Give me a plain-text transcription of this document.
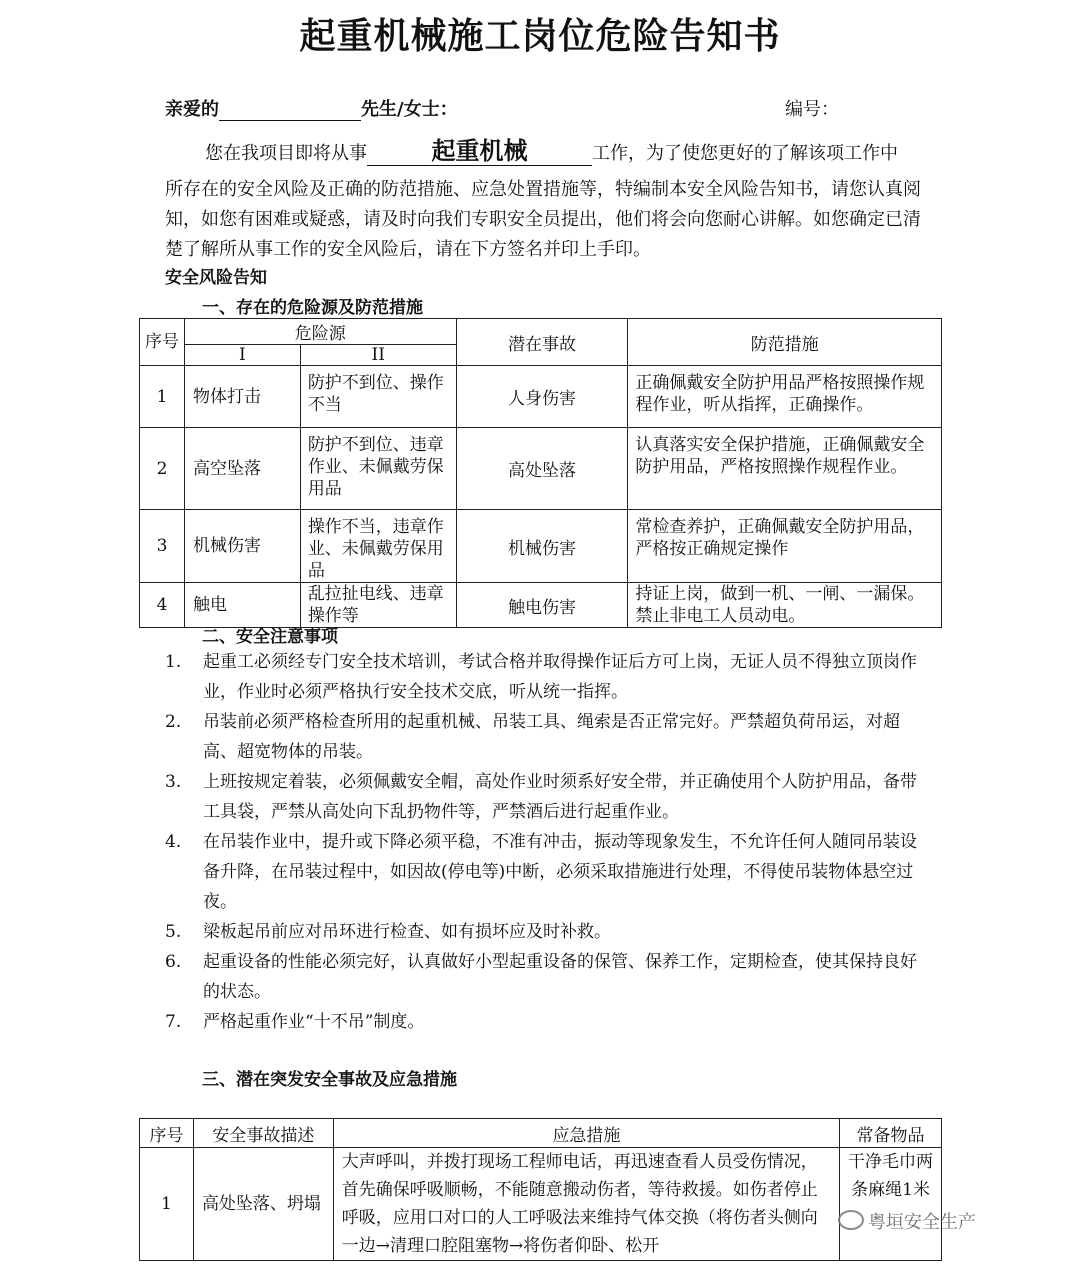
起重机械施工岗位危险告知书
亲爱的	先生/女士：	编号：
您在我项目即将从事	起重机械	工作，为了使您更好的了解该项工作中
所存在的安全风险及正确的防范措施、应急处置措施等，特编制本安全风险告知书，请您认真阅知，如您有困难或疑惑，请及时向我们专职安全员提出，他们将会向您耐心讲解。如您确定已清楚了解所从事工作的安全风险后，请在下方签名并印上手印。
安全风险告知
一、存在的危险源及防范措施
序号	危险源		潜在事故	防范措施
	I	II		
1	物体打击	防护不到位、操作不当	人身伤害	正确佩戴安全防护用品严格按照操作规程作业，听从指挥，正确操作。
2	高空坠落	防护不到位、违章作业、未佩戴劳保用品	高处坠落	认真落实安全保护措施，正确佩戴安全防护用品，严格按照操作规程作业。
3	机械伤害	操作不当，违章作业、未佩戴劳保用品	机械伤害	常检查养护，正确佩戴安全防护用品，严格按正确规定操作
4	触电	乱拉扯电线、违章操作等	触电伤害	持证上岗，做到一机、一闸、一漏保。禁止非电工人员动电。
二、安全注意事项
1. 起重工必须经专门安全技术培训，考试合格并取得操作证后方可上岗，无证人员不得独立顶岗作业，作业时必须严格执行安全技术交底，听从统一指挥。
2. 吊装前必须严格检查所用的起重机械、吊装工具、绳索是否正常完好。严禁超负荷吊运，对超高、超宽物体的吊装。
3. 上班按规定着装，必须佩戴安全帽，高处作业时须系好安全带，并正确使用个人防护用品，备带工具袋，严禁从高处向下乱扔物件等，严禁酒后进行起重作业。
4. 在吊装作业中，提升或下降必须平稳，不准有冲击，振动等现象发生，不允许任何人随同吊装设备升降，在吊装过程中，如因故(停电等)中断，必须采取措施进行处理，不得使吊装物体悬空过夜。
5. 梁板起吊前应对吊环进行检查、如有损坏应及时补救。
6. 起重设备的性能必须完好，认真做好小型起重设备的保管、保养工作，定期检查，使其保持良好的状态。
7. 严格起重作业“十不吊”制度。
三、潜在突发安全事故及应急措施
序号	安全事故描述	应急措施	常备物品
1	高处坠落、坍塌	大声呼叫，并拨打现场工程师电话，再迅速查看人员受伤情况，首先确保呼吸顺畅，不能随意搬动伤者，等待救援。如伤者停止呼吸，应用口对口的人工呼吸法来维持气体交换（将伤者头侧向一边→清理口腔阻塞物→将伤者仰卧、松开	干净毛巾两条麻绳1米
粤垣安全生产
